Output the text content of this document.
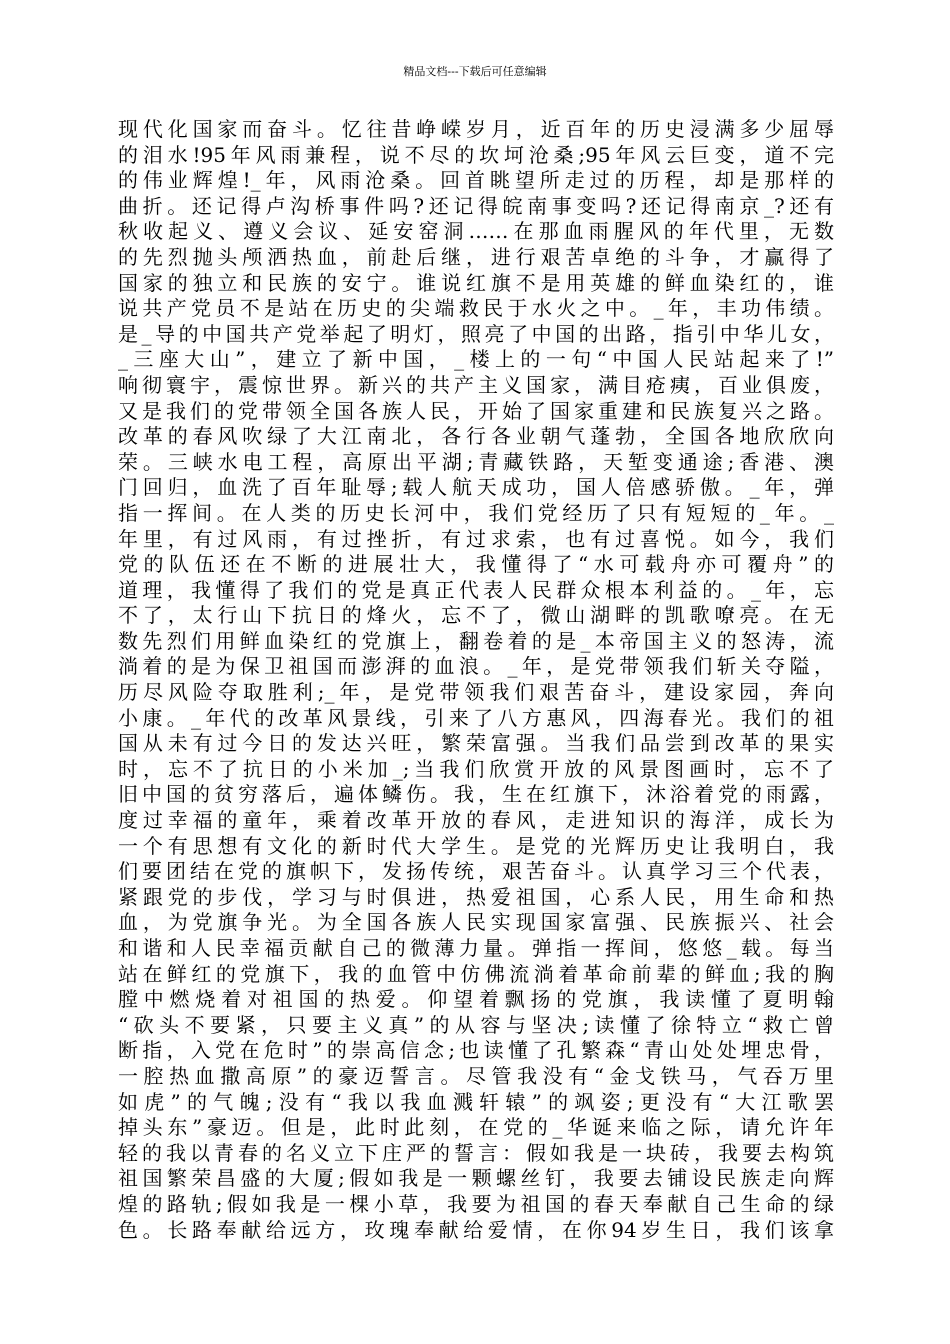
精品文档---下载后可任意编辑
现代化国家而奋斗。忆往昔峥嵘岁月，近百年的历史浸满多少屈辱
的泪水!95年风雨兼程，说不尽的坎坷沧桑;95年风云巨变，道不完
的伟业辉煌!_年，风雨沧桑。回首眺望所走过的历程，却是那样的
曲折。还记得卢沟桥事件吗?还记得皖南事变吗?还记得南京_?还有
秋收起义、遵义会议、延安窑洞……在那血雨腥风的年代里，无数
的先烈抛头颅洒热血，前赴后继，进行艰苦卓绝的斗争，才赢得了
国家的独立和民族的安宁。谁说红旗不是用英雄的鲜血染红的，谁
说共产党员不是站在历史的尖端救民于水火之中。_年，丰功伟绩。
是_导的中国共产党举起了明灯，照亮了中国的出路，指引中华儿女，
_三座大山”，建立了新中国，_楼上的一句“中国人民站起来了!”
响彻寰宇，震惊世界。新兴的共产主义国家，满目疮痍，百业俱废，
又是我们的党带领全国各族人民，开始了国家重建和民族复兴之路。
改革的春风吹绿了大江南北，各行各业朝气蓬勃，全国各地欣欣向
荣。三峡水电工程，高原出平湖;青藏铁路，天堑变通途;香港、澳
门回归，血洗了百年耻辱;载人航天成功，国人倍感骄傲。_年，弹
指一挥间。在人类的历史长河中，我们党经历了只有短短的_年。_
年里，有过风雨，有过挫折，有过求索，也有过喜悦。如今，我们
党的队伍还在不断的进展壮大，我懂得了“水可载舟亦可覆舟”的
道理，我懂得了我们的党是真正代表人民群众根本利益的。_年，忘
不了，太行山下抗日的烽火，忘不了，微山湖畔的凯歌嘹亮。在无
数先烈们用鲜血染红的党旗上，翻卷着的是_本帝国主义的怒涛，流
淌着的是为保卫祖国而澎湃的血浪。_年，是党带领我们斩关夺隘，
历尽风险夺取胜利;_年，是党带领我们艰苦奋斗，建设家园，奔向
小康。_年代的改革风景线，引来了八方惠风，四海春光。我们的祖
国从未有过今日的发达兴旺，繁荣富强。当我们品尝到改革的果实
时，忘不了抗日的小米加_;当我们欣赏开放的风景图画时，忘不了
旧中国的贫穷落后，遍体鳞伤。我，生在红旗下，沐浴着党的雨露，
度过幸福的童年，乘着改革开放的春风，走进知识的海洋，成长为
一个有思想有文化的新时代大学生。是党的光辉历史让我明白，我
们要团结在党的旗帜下，发扬传统，艰苦奋斗。认真学习三个代表，
紧跟党的步伐，学习与时俱进，热爱祖国，心系人民，用生命和热
血，为党旗争光。为全国各族人民实现国家富强、民族振兴、社会
和谐和人民幸福贡献自己的微薄力量。弹指一挥间，悠悠_载。每当
站在鲜红的党旗下，我的血管中仿佛流淌着革命前辈的鲜血;我的胸
膛中燃烧着对祖国的热爱。仰望着飘扬的党旗，我读懂了夏明翰
“砍头不要紧，只要主义真”的从容与坚决;读懂了徐特立“救亡曾
断指，入党在危时”的崇高信念;也读懂了孔繁森“青山处处埋忠骨，
一腔热血撒高原”的豪迈誓言。尽管我没有“金戈铁马，气吞万里
如虎”的气魄;没有“我以我血溅轩辕”的飒姿;更没有“大江歌罢
掉头东”豪迈。但是，此时此刻，在党的_华诞来临之际，请允许年
轻的我以青春的名义立下庄严的誓言：假如我是一块砖，我要去构筑
祖国繁荣昌盛的大厦;假如我是一颗螺丝钉，我要去铺设民族走向辉
煌的路轨;假如我是一棵小草，我要为祖国的春天奉献自己生命的绿
色。长路奉献给远方，玫瑰奉献给爱情，在你94岁生日，我们该拿
